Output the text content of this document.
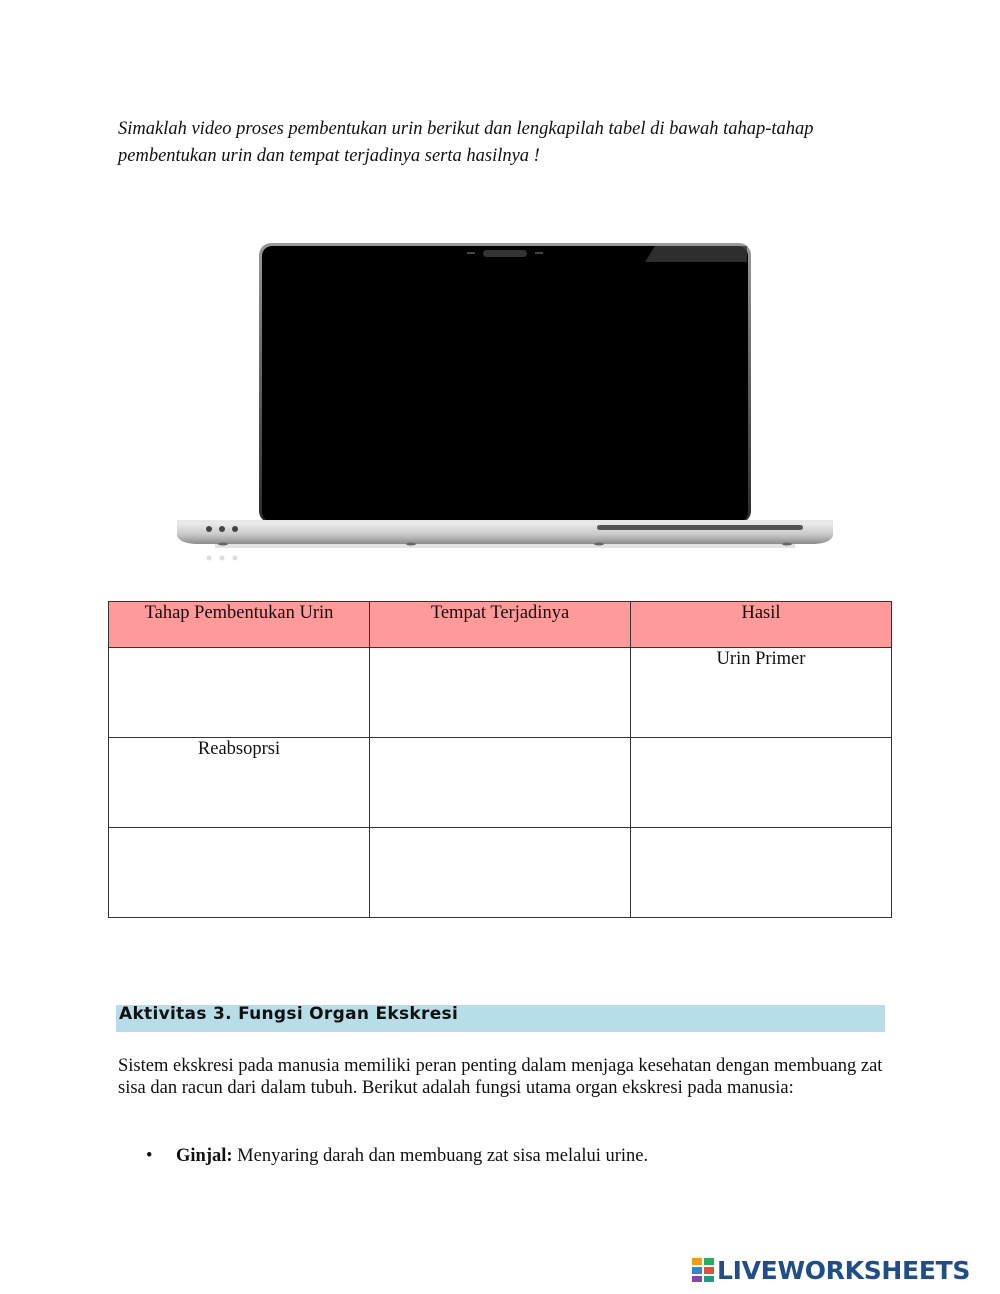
Simaklah video proses pembentukan urin berikut dan lengkapilah tabel di bawah tahap-tahap pembentukan urin dan tempat terjadinya serta hasilnya !
Tahap Pembentukan Urin	Tempat Terjadinya	Hasil
		Urin Primer
Reabsoprsi		

Aktivitas 3. Fungsi Organ Ekskresi
Sistem ekskresi pada manusia memiliki peran penting dalam menjaga kesehatan dengan membuang zat sisa dan racun dari dalam tubuh. Berikut adalah fungsi utama organ ekskresi pada manusia:
• Ginjal: Menyaring darah dan membuang zat sisa melalui urine.
LIVEWORKSHEETS
